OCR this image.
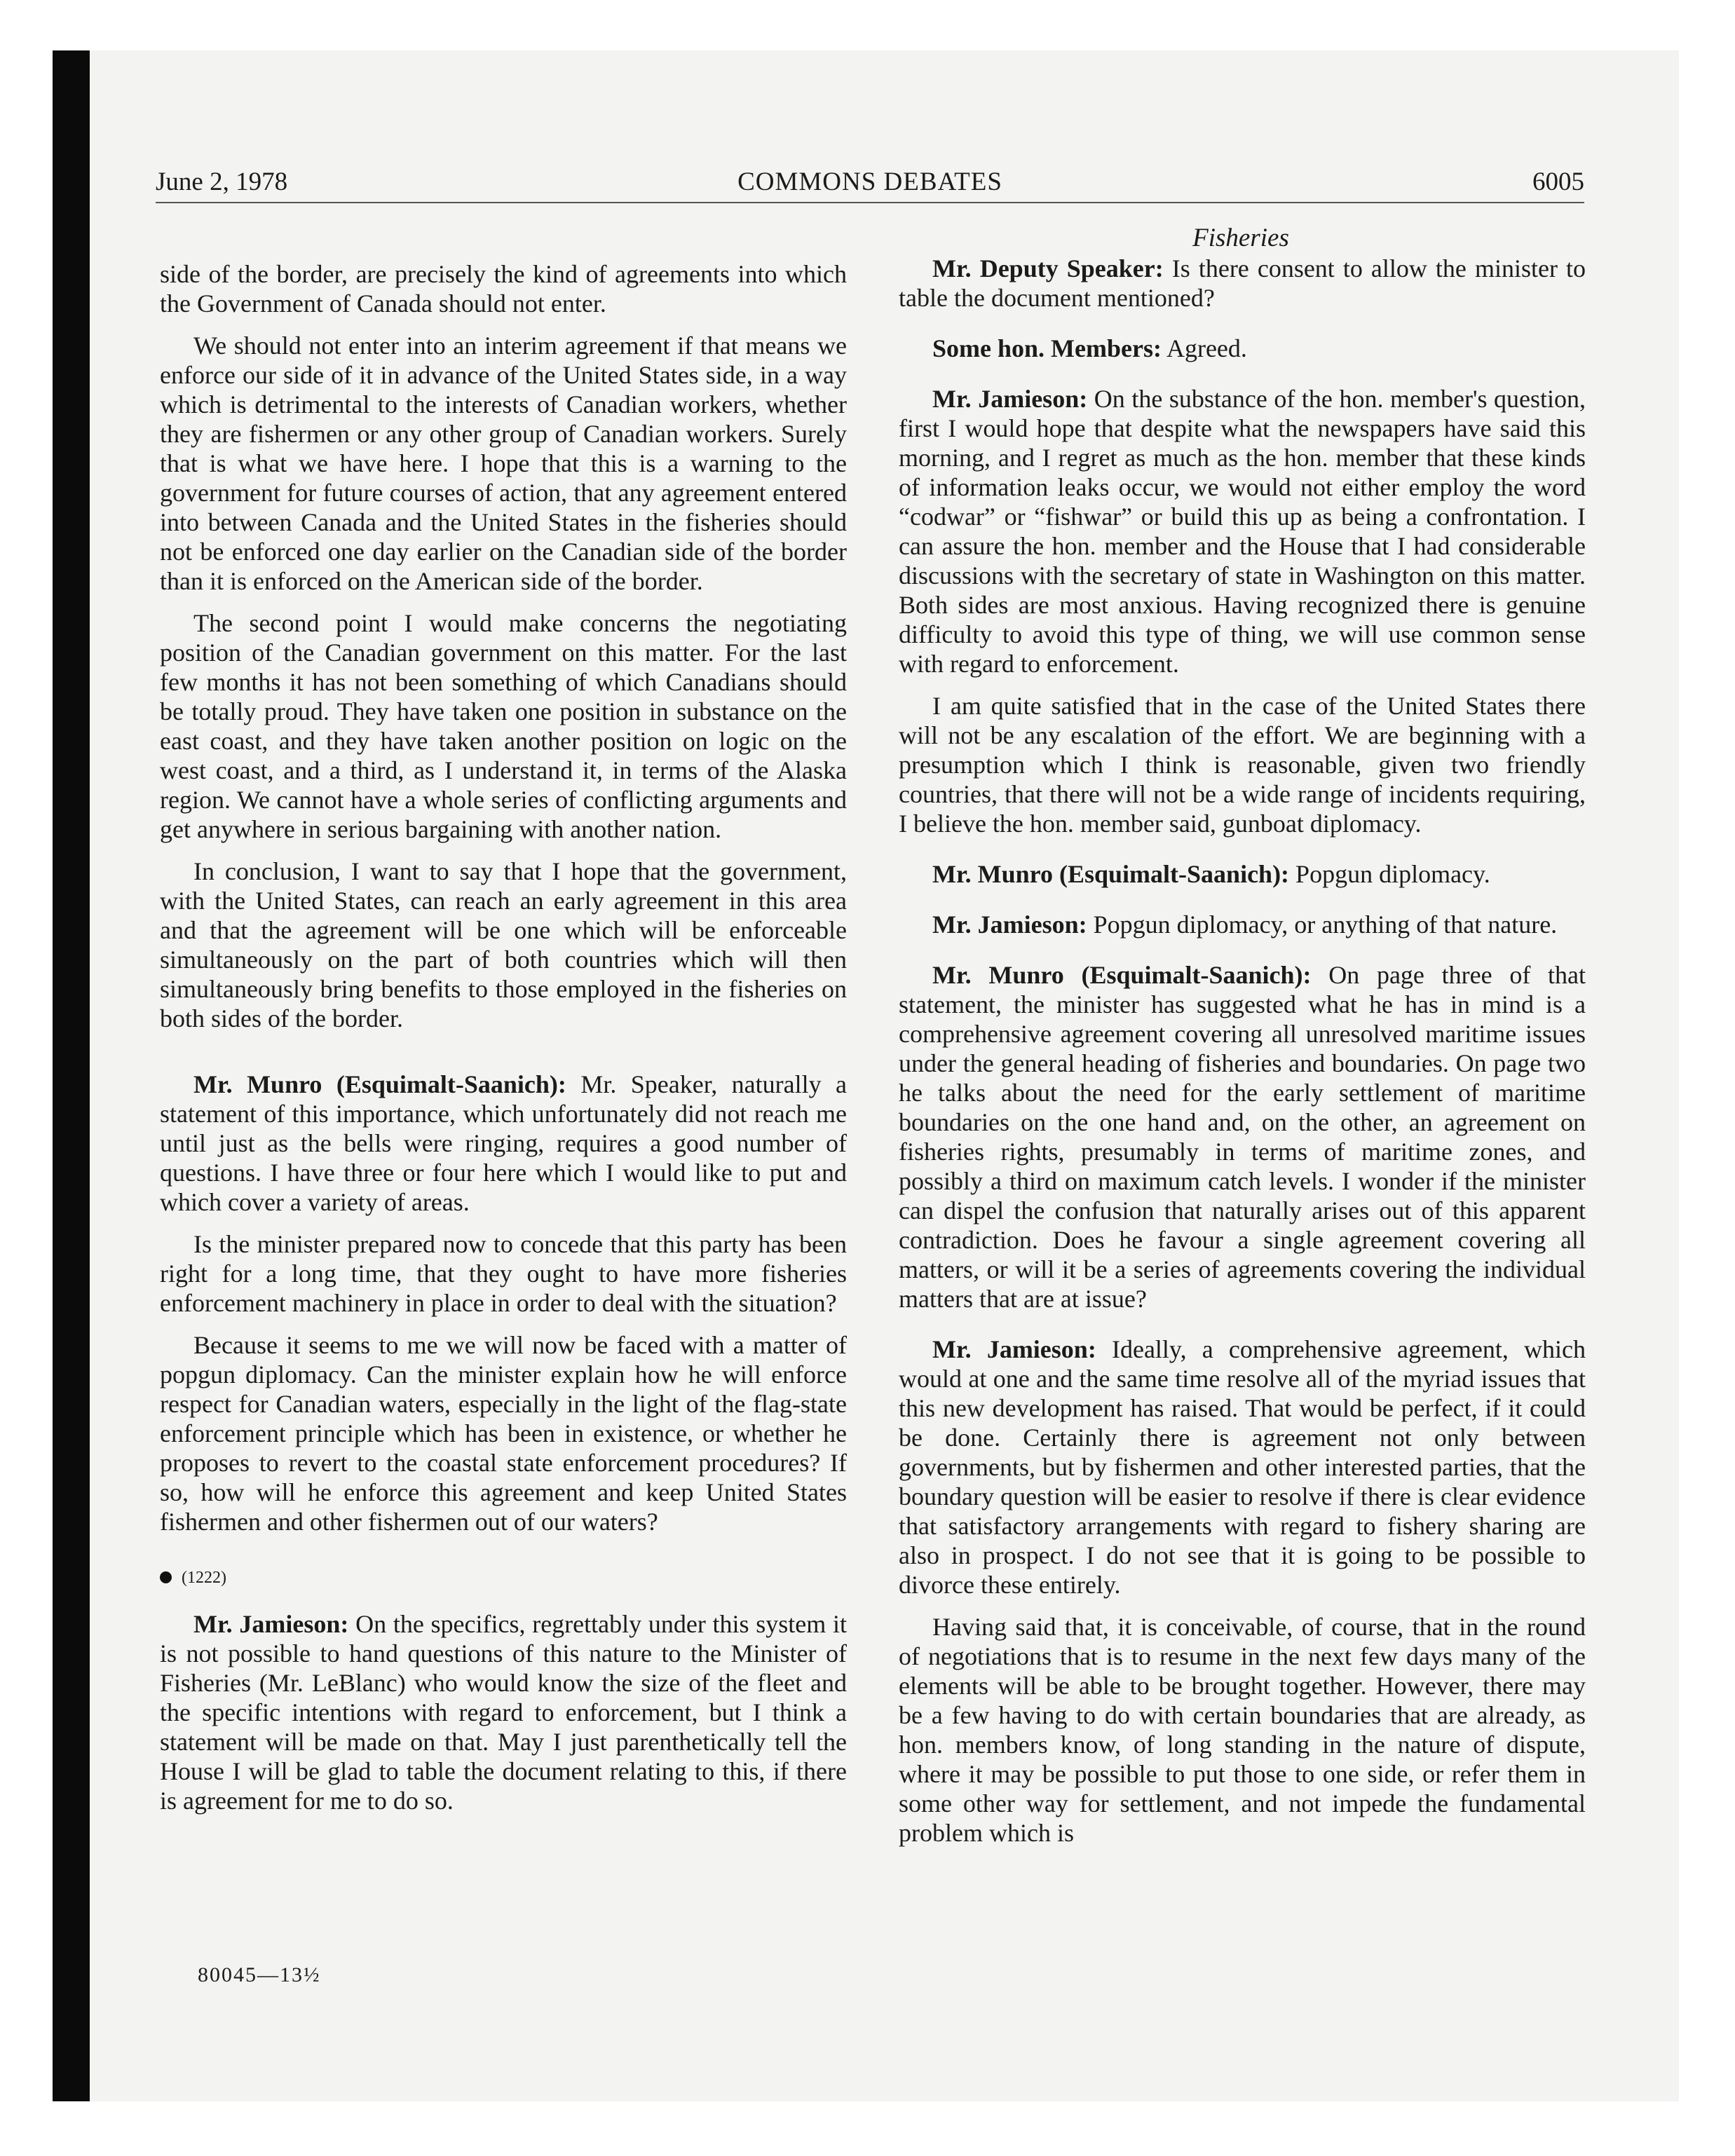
June 2, 1978	COMMONS DEBATES	6005
Fisheries

side of the border, are precisely the kind of agreements into which the Government of Canada should not enter.

We should not enter into an interim agreement if that means we enforce our side of it in advance of the United States side, in a way which is detrimental to the interests of Canadian workers, whether they are fishermen or any other group of Canadian workers. Surely that is what we have here. I hope that this is a warning to the government for future courses of action, that any agreement entered into between Canada and the United States in the fisheries should not be enforced one day earlier on the Canadian side of the border than it is enforced on the American side of the border.

The second point I would make concerns the negotiating position of the Canadian government on this matter. For the last few months it has not been something of which Canadians should be totally proud. They have taken one position in substance on the east coast, and they have taken another position on logic on the west coast, and a third, as I understand it, in terms of the Alaska region. We cannot have a whole series of conflicting arguments and get anywhere in serious bargaining with another nation.

In conclusion, I want to say that I hope that the government, with the United States, can reach an early agreement in this area and that the agreement will be one which will be enforceable simultaneously on the part of both countries which will then simultaneously bring benefits to those employed in the fisheries on both sides of the border.

Mr. Munro (Esquimalt-Saanich): Mr. Speaker, naturally a statement of this importance, which unfortunately did not reach me until just as the bells were ringing, requires a good number of questions. I have three or four here which I would like to put and which cover a variety of areas.

Is the minister prepared now to concede that this party has been right for a long time, that they ought to have more fisheries enforcement machinery in place in order to deal with the situation?

Because it seems to me we will now be faced with a matter of popgun diplomacy. Can the minister explain how he will enforce respect for Canadian waters, especially in the light of the flag-state enforcement principle which has been in existence, or whether he proposes to revert to the coastal state enforcement procedures? If so, how will he enforce this agreement and keep United States fishermen and other fishermen out of our waters?

(1222)

Mr. Jamieson: On the specifics, regrettably under this system it is not possible to hand questions of this nature to the Minister of Fisheries (Mr. LeBlanc) who would know the size of the fleet and the specific intentions with regard to enforcement, but I think a statement will be made on that. May I just parenthetically tell the House I will be glad to table the document relating to this, if there is agreement for me to do so.

Mr. Deputy Speaker: Is there consent to allow the minister to table the document mentioned?

Some hon. Members: Agreed.

Mr. Jamieson: On the substance of the hon. member's question, first I would hope that despite what the newspapers have said this morning, and I regret as much as the hon. member that these kinds of information leaks occur, we would not either employ the word “codwar” or “fishwar” or build this up as being a confrontation. I can assure the hon. member and the House that I had considerable discussions with the secretary of state in Washington on this matter. Both sides are most anxious. Having recognized there is genuine difficulty to avoid this type of thing, we will use common sense with regard to enforcement.

I am quite satisfied that in the case of the United States there will not be any escalation of the effort. We are beginning with a presumption which I think is reasonable, given two friendly countries, that there will not be a wide range of incidents requiring, I believe the hon. member said, gunboat diplomacy.

Mr. Munro (Esquimalt-Saanich): Popgun diplomacy.

Mr. Jamieson: Popgun diplomacy, or anything of that nature.

Mr. Munro (Esquimalt-Saanich): On page three of that statement, the minister has suggested what he has in mind is a comprehensive agreement covering all unresolved maritime issues under the general heading of fisheries and boundaries. On page two he talks about the need for the early settlement of maritime boundaries on the one hand and, on the other, an agreement on fisheries rights, presumably in terms of maritime zones, and possibly a third on maximum catch levels. I wonder if the minister can dispel the confusion that naturally arises out of this apparent contradiction. Does he favour a single agreement covering all matters, or will it be a series of agreements covering the individual matters that are at issue?

Mr. Jamieson: Ideally, a comprehensive agreement, which would at one and the same time resolve all of the myriad issues that this new development has raised. That would be perfect, if it could be done. Certainly there is agreement not only between governments, but by fishermen and other interested parties, that the boundary question will be easier to resolve if there is clear evidence that satisfactory arrangements with regard to fishery sharing are also in prospect. I do not see that it is going to be possible to divorce these entirely.

Having said that, it is conceivable, of course, that in the round of negotiations that is to resume in the next few days many of the elements will be able to be brought together. However, there may be a few having to do with certain boundaries that are already, as hon. members know, of long standing in the nature of dispute, where it may be possible to put those to one side, or refer them in some other way for settlement, and not impede the fundamental problem which is

80045—13½
